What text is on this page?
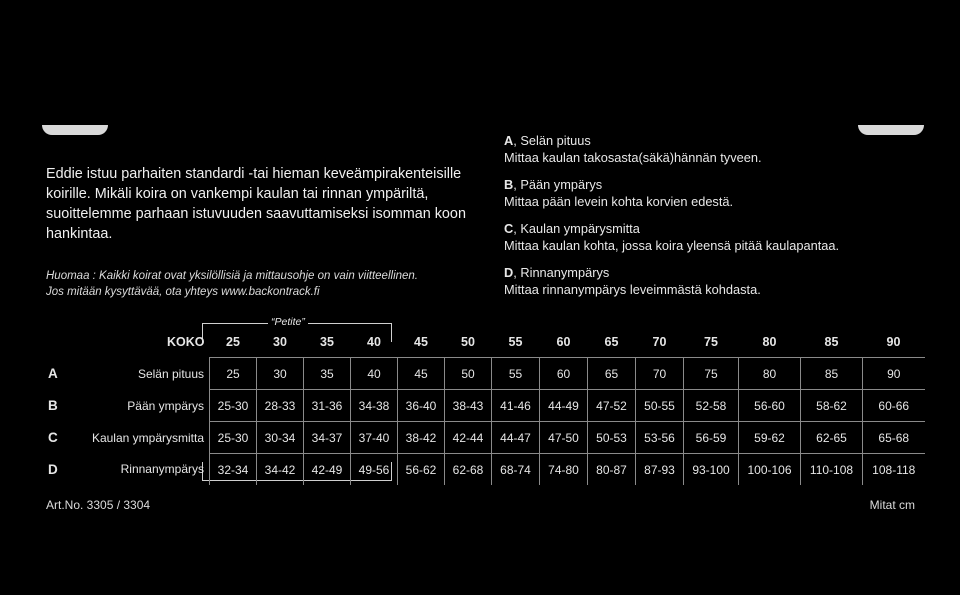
Eddie istuu parhaiten standardi -tai hieman keveämpirakenteisille koirille. Mikäli koira on vankempi kaulan tai rinnan ympäriltä, suoittelemme parhaan istuvuuden saavuttamiseksi isomman koon hankintaa.
Huomaa : Kaikki koirat ovat yksilöllisiä ja mittausohje on vain viitteellinen.
Jos mitään kysyttävää, ota yhteys www.backontrack.fi
A, Selän pituus
Mittaa kaulan takosasta(säkä)hännän tyveen.
B, Pään ympärys
Mittaa pään levein kohta korvien edestä.
C, Kaulan ympärysmitta
Mittaa kaulan kohta, jossa koira yleensä pitää kaulapantaa.
D, Rinnanympärys
Mittaa rinnanympärys leveimmästä kohdasta.
“Petite”
	KOKO	25	30	35	40	45	50	55	60	65	70	75	80	85	90
A	Selän pituus	25	30	35	40	45	50	55	60	65	70	75	80	85	90
B	Pään ympärys	25-30	28-33	31-36	34-38	36-40	38-43	41-46	44-49	47-52	50-55	52-58	56-60	58-62	60-66
C	Kaulan ympärysmitta	25-30	30-34	34-37	37-40	38-42	42-44	44-47	47-50	50-53	53-56	56-59	59-62	62-65	65-68
D	Rinnanympärys	32-34	34-42	42-49	49-56	56-62	62-68	68-74	74-80	80-87	87-93	93-100	100-106	110-108	108-118
Art.No. 3305 / 3304	Mitat cm
